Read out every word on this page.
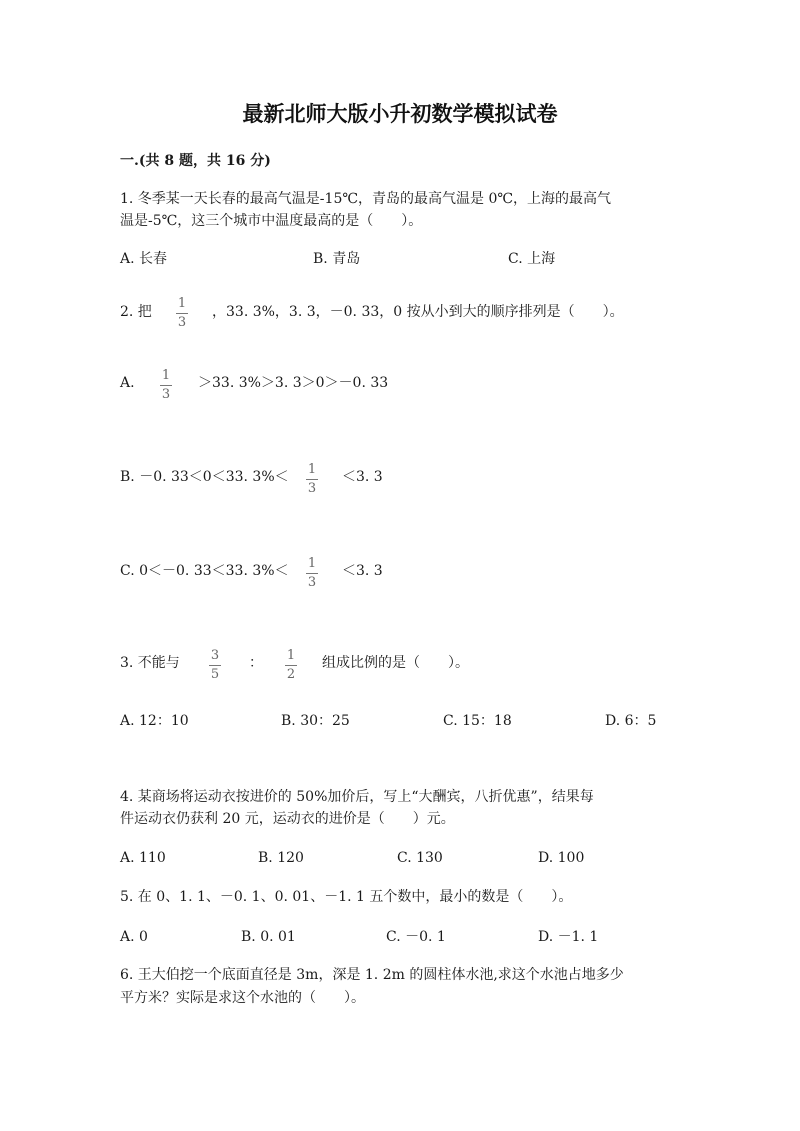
最新北师大版小升初数学模拟试卷
一.(共 8 题，共 16 分)
1. 冬季某一天长春的最高气温是-15℃，青岛的最高气温是 0℃，上海的最高气
温是-5℃，这三个城市中温度最高的是（　　）。
A. 长春	B. 青岛	C. 上海
2. 把
1
3
，33. 3%，3. 3，－0. 33，0 按从小到大的顺序排列是（　　）。
A. 1
3
＞33. 3%＞3. 3＞0＞－0. 33
B. －0. 33＜0＜33. 3%＜ 1
3
＜3. 3
C. 0＜－0. 33＜33. 3%＜ 1
3
＜3. 3
3. 不能与 3
5
： 1
2
组成比例的是（　　）。
A. 12：10	B. 30：25	C. 15：18	D. 6：5
4. 某商场将运动衣按进价的 50%加价后，写上“大酬宾，八折优惠”，结果每
件运动衣仍获利 20 元，运动衣的进价是（　　）元。
A. 110	B. 120	C. 130	D. 100
5. 在 0、1. 1、－0. 1、0. 01、－1. 1 五个数中，最小的数是（　　）。
A. 0	B. 0. 01	C. －0. 1	D. －1. 1
6. 王大伯挖一个底面直径是 3m，深是 1. 2m 的圆柱体水池,求这个水池占地多少
平方米？实际是求这个水池的（　　）。
